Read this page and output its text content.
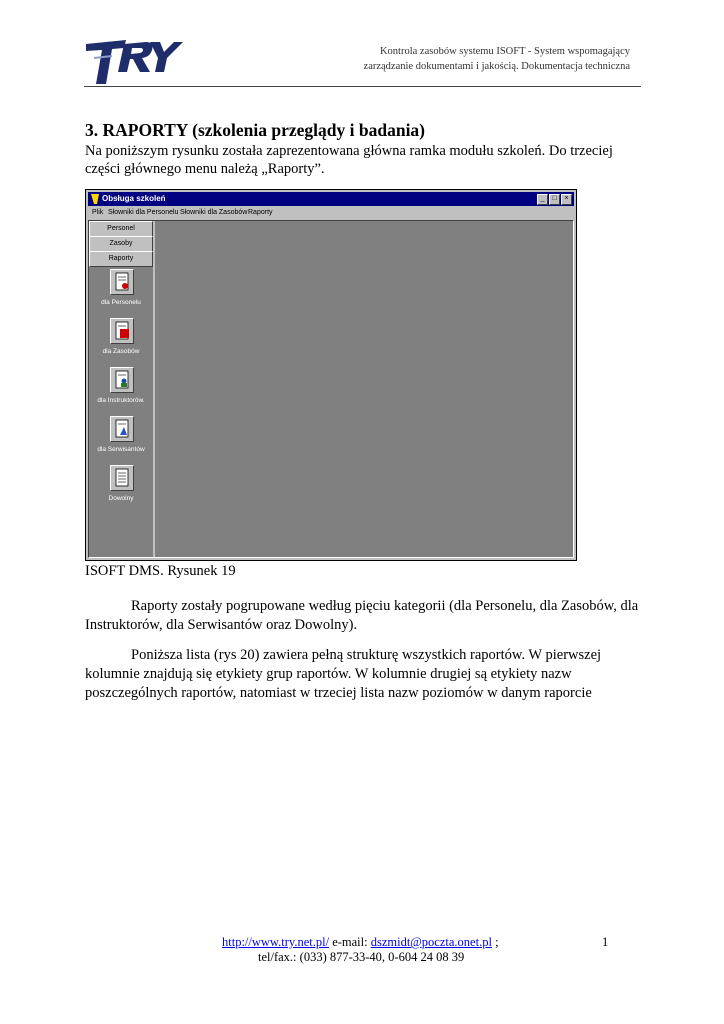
Kontrola zasobów systemu ISOFT - System wspomagający
zarządzanie dokumentami i jakością. Dokumentacja techniczna
3. RAPORTY (szkolenia przeglądy i badania)

Na poniższym rysunku została zaprezentowana główna ramka modułu szkoleń. Do trzeciej części głównego menu należą „Raporty”.

Obsługa szkoleń	_	□	×
Plik Słowniki dla Personelu Słowniki dla Zasobów Raporty
Personel
Zasoby
Raporty
dla Personelu
dla Zasobów
dla Instruktorów.
dla Serwisantów
Dowolny

ISOFT DMS. Rysunek 19

Raporty zostały pogrupowane według pięciu kategorii (dla Personelu, dla Zasobów, dla Instruktorów, dla Serwisantów oraz Dowolny).

Poniższa lista (rys 20) zawiera pełną strukturę wszystkich raportów. W pierwszej kolumnie znajdują się etykiety grup raportów. W kolumnie drugiej są etykiety nazw poszczególnych raportów, natomiast w trzeciej lista nazw poziomów w danym raporcie

http://www.try.net.pl/ e-mail: dszmidt@poczta.onet.pl ;
tel/fax.: (033) 877-33-40, 0-604 24 08 39
1
